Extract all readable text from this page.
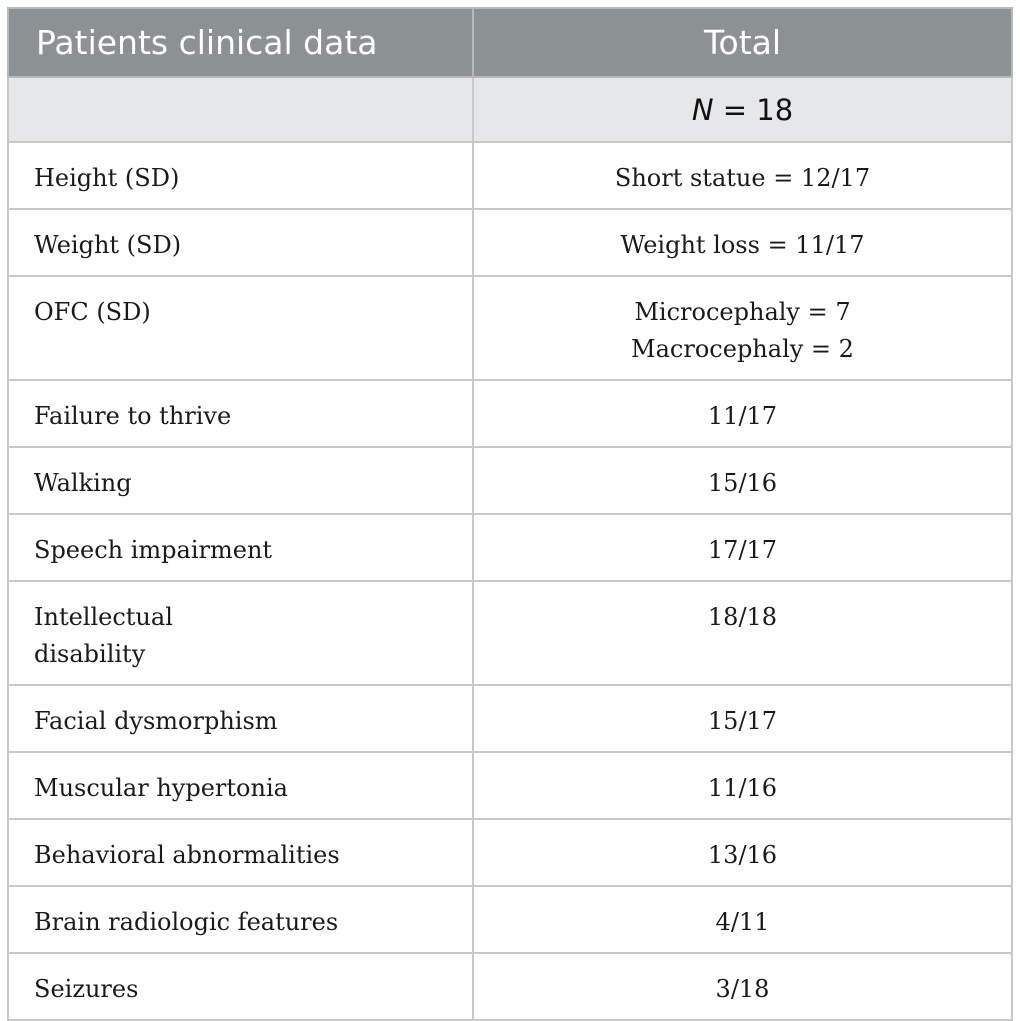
Patients clinical data	Total
	N = 18
Height (SD)	Short statue = 12/17
Weight (SD)	Weight loss = 11/17
OFC (SD)	Microcephaly = 7
Macrocephaly = 2

Failure to thrive	11/17
Walking	15/16
Speech impairment	17/17

Intellectual
disability	18/18
Facial dysmorphism	15/17
Muscular hypertonia	11/16
Behavioral abnormalities	13/16
Brain radiologic features	4/11
Seizures	3/18
